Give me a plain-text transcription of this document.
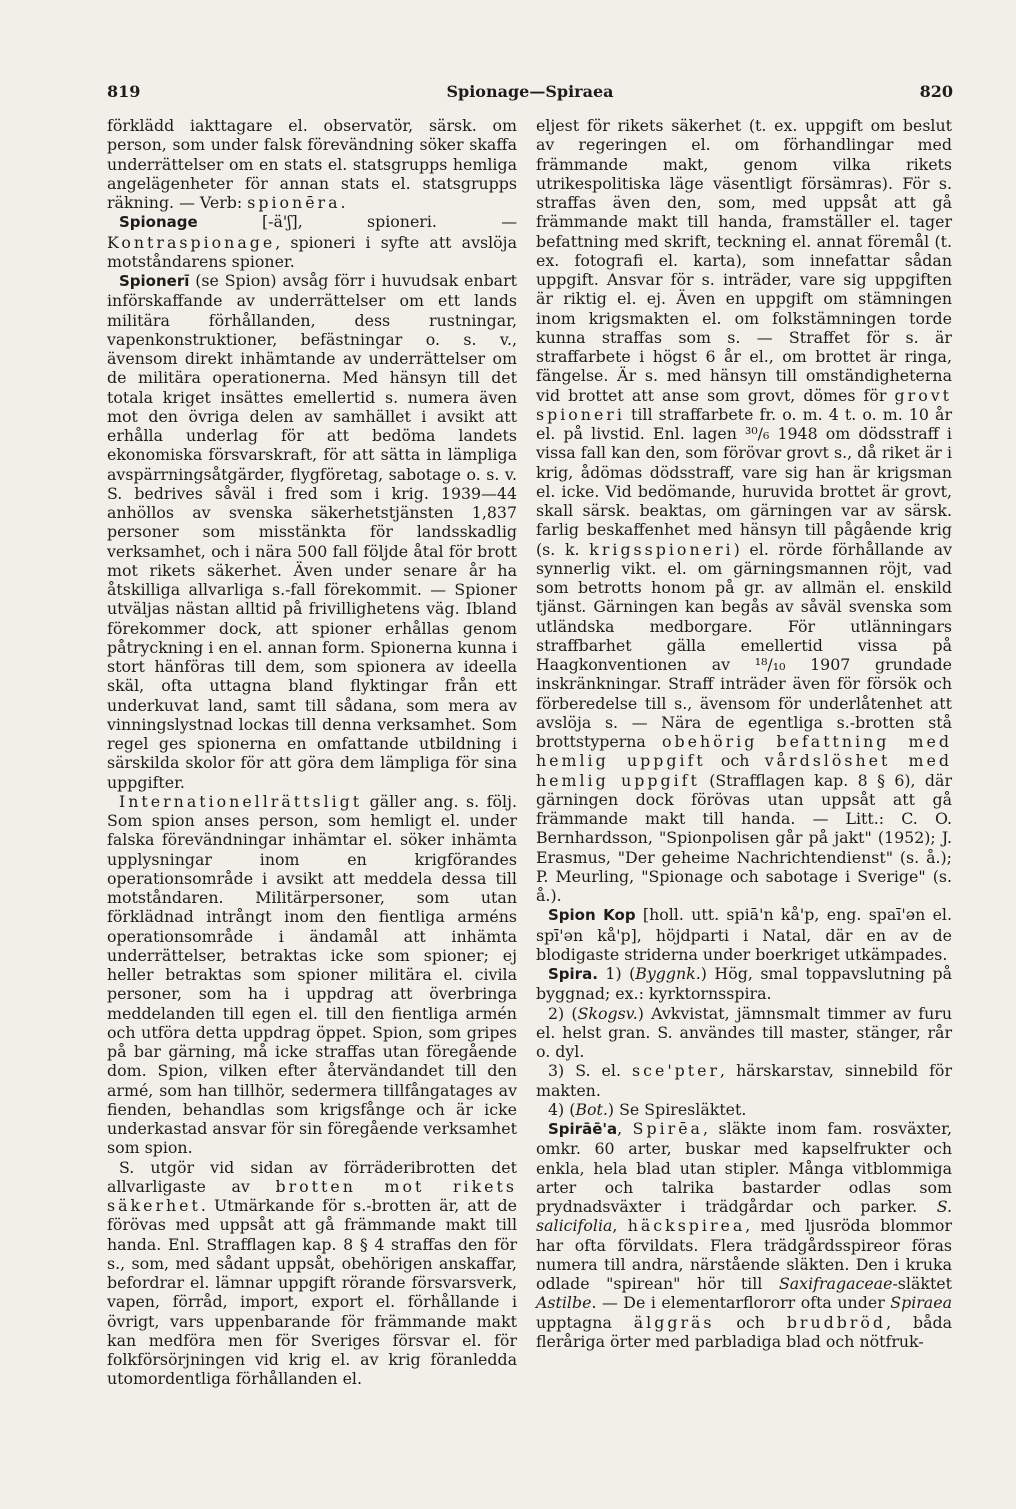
819	Spionage—Spiraea	820

förklädd iakttagare el. observatör, särsk. om person, som under falsk förevändning söker skaffa underrättelser om en stats el. statsgrupps hemliga angelägenheter för annan stats el. statsgrupps räkning. — Verb: spionēra.

Spionage [-ä'ʃ], spioneri. — Kontraspionage, spioneri i syfte att avslöja motståndarens spioner.

Spionerī (se Spion) avsåg förr i huvudsak enbart införskaffande av underrättelser om ett lands militära förhållanden, dess rustningar, vapenkonstruktioner, befästningar o. s. v., ävensom direkt inhämtande av underrättelser om de militära operationerna. Med hänsyn till det totala kriget insättes emellertid s. numera även mot den övriga delen av samhället i avsikt att erhålla underlag för att bedöma landets ekonomiska försvarskraft, för att sätta in lämpliga avspärrningsåtgärder, flygföretag, sabotage o. s. v. S. bedrives såväl i fred som i krig. 1939—44 anhöllos av svenska säkerhetstjänsten 1,837 personer som misstänkta för landsskadlig verksamhet, och i nära 500 fall följde åtal för brott mot rikets säkerhet. Även under senare år ha åtskilliga allvarliga s.-fall förekommit. — Spioner utväljas nästan alltid på frivillighetens väg. Ibland förekommer dock, att spioner erhållas genom påtryckning i en el. annan form. Spionerna kunna i stort hänföras till dem, som spionera av ideella skäl, ofta uttagna bland flyktingar från ett underkuvat land, samt till sådana, som mera av vinningslystnad lockas till denna verksamhet. Som regel ges spionerna en omfattande utbildning i särskilda skolor för att göra dem lämpliga för sina uppgifter.

Internationellrättsligt gäller ang. s. följ. Som spion anses person, som hemligt el. under falska förevändningar inhämtar el. söker inhämta upplysningar inom en krigförandes operationsområde i avsikt att meddela dessa till motståndaren. Militärpersoner, som utan förklädnad intrångt inom den fientliga arméns operationsområde i ändamål att inhämta underrättelser, betraktas icke som spioner; ej heller betraktas som spioner militära el. civila personer, som ha i uppdrag att överbringa meddelanden till egen el. till den fientliga armén och utföra detta uppdrag öppet. Spion, som gripes på bar gärning, må icke straffas utan föregående dom. Spion, vilken efter återvändandet till den armé, som han tillhör, sedermera tillfångatages av fienden, behandlas som krigsfånge och är icke underkastad ansvar för sin föregående verksamhet som spion.

S. utgör vid sidan av förräderibrotten det allvarligaste av brotten mot rikets säkerhet. Utmärkande för s.-brotten är, att de förövas med uppsåt att gå främmande makt till handa. Enl. Strafflagen kap. 8 § 4 straffas den för s., som, med sådant uppsåt, obehörigen anskaffar, befordrar el. lämnar uppgift rörande försvarsverk, vapen, förråd, import, export el. förhållande i övrigt, vars uppenbarande för främmande makt kan medföra men för Sveriges försvar el. för folkförsörjningen vid krig el. av krig föranledda utomordentliga förhållanden el.

eljest för rikets säkerhet (t. ex. uppgift om beslut av regeringen el. om förhandlingar med främmande makt, genom vilka rikets utrikespolitiska läge väsentligt försämras). För s. straffas även den, som, med uppsåt att gå främmande makt till handa, framställer el. tager befattning med skrift, teckning el. annat föremål (t. ex. fotografi el. karta), som innefattar sådan uppgift. Ansvar för s. inträder, vare sig uppgiften är riktig el. ej. Även en uppgift om stämningen inom krigsmakten el. om folkstämningen torde kunna straffas som s. — Straffet för s. är straffarbete i högst 6 år el., om brottet är ringa, fängelse. Är s. med hänsyn till omständigheterna vid brottet att anse som grovt, dömes för grovt spioneri till straffarbete fr. o. m. 4 t. o. m. 10 år el. på livstid. Enl. lagen ³⁰/₆ 1948 om dödsstraff i vissa fall kan den, som förövar grovt s., då riket är i krig, ådömas dödsstraff, vare sig han är krigsman el. icke. Vid bedömande, huruvida brottet är grovt, skall särsk. beaktas, om gärningen var av särsk. farlig beskaffenhet med hänsyn till pågående krig (s. k. krigsspioneri) el. rörde förhållande av synnerlig vikt. el. om gärningsmannen röjt, vad som betrotts honom på gr. av allmän el. enskild tjänst. Gärningen kan begås av såväl svenska som utländska medborgare. För utlänningars straffbarhet gälla emellertid vissa på Haagkonventionen av ¹⁸/₁₀ 1907 grundade inskränkningar. Straff inträder även för försök och förberedelse till s., ävensom för underlåtenhet att avslöja s. — Nära de egentliga s.-brotten stå brottstyperna obehörig befattning med hemlig uppgift och vårdslöshet med hemlig uppgift (Strafflagen kap. 8 § 6), där gärningen dock förövas utan uppsåt att gå främmande makt till handa. — Litt.: C. O. Bernhardsson, "Spionpolisen går på jakt" (1952); J. Erasmus, "Der geheime Nachrichtendienst" (s. å.); P. Meurling, "Spionage och sabotage i Sverige" (s. å.).

Spion Kop [holl. utt. spiā'n kå'p, eng. spaī'ən el. spī'ən kå'p], höjdparti i Natal, där en av de blodigaste striderna under boerkriget utkämpades.

Spira. 1) (Byggnk.) Hög, smal toppavslutning på byggnad; ex.: kyrktornsspira.

2) (Skogsv.) Avkvistat, jämnsmalt timmer av furu el. helst gran. S. användes till master, stänger, rår o. dyl.

3) S. el. sce'pter, härskarstav, sinnebild för makten.

4) (Bot.) Se Spiresläktet.

Spirāē'a, Spirēa, släkte inom fam. rosväxter, omkr. 60 arter, buskar med kapselfrukter och enkla, hela blad utan stipler. Många vitblommiga arter och talrika bastarder odlas som prydnadsväxter i trädgårdar och parker. S. salicifolia, häckspirea, med ljusröda blommor har ofta förvildats. Flera trädgårdsspireor föras numera till andra, närstående släkten. Den i kruka odlade "spirean" hör till Saxifragaceae-släktet Astilbe. — De i elementarflororr ofta under Spiraea upptagna älggräs och brudbröd, båda fleråriga örter med parbladiga blad och nötfruk-
